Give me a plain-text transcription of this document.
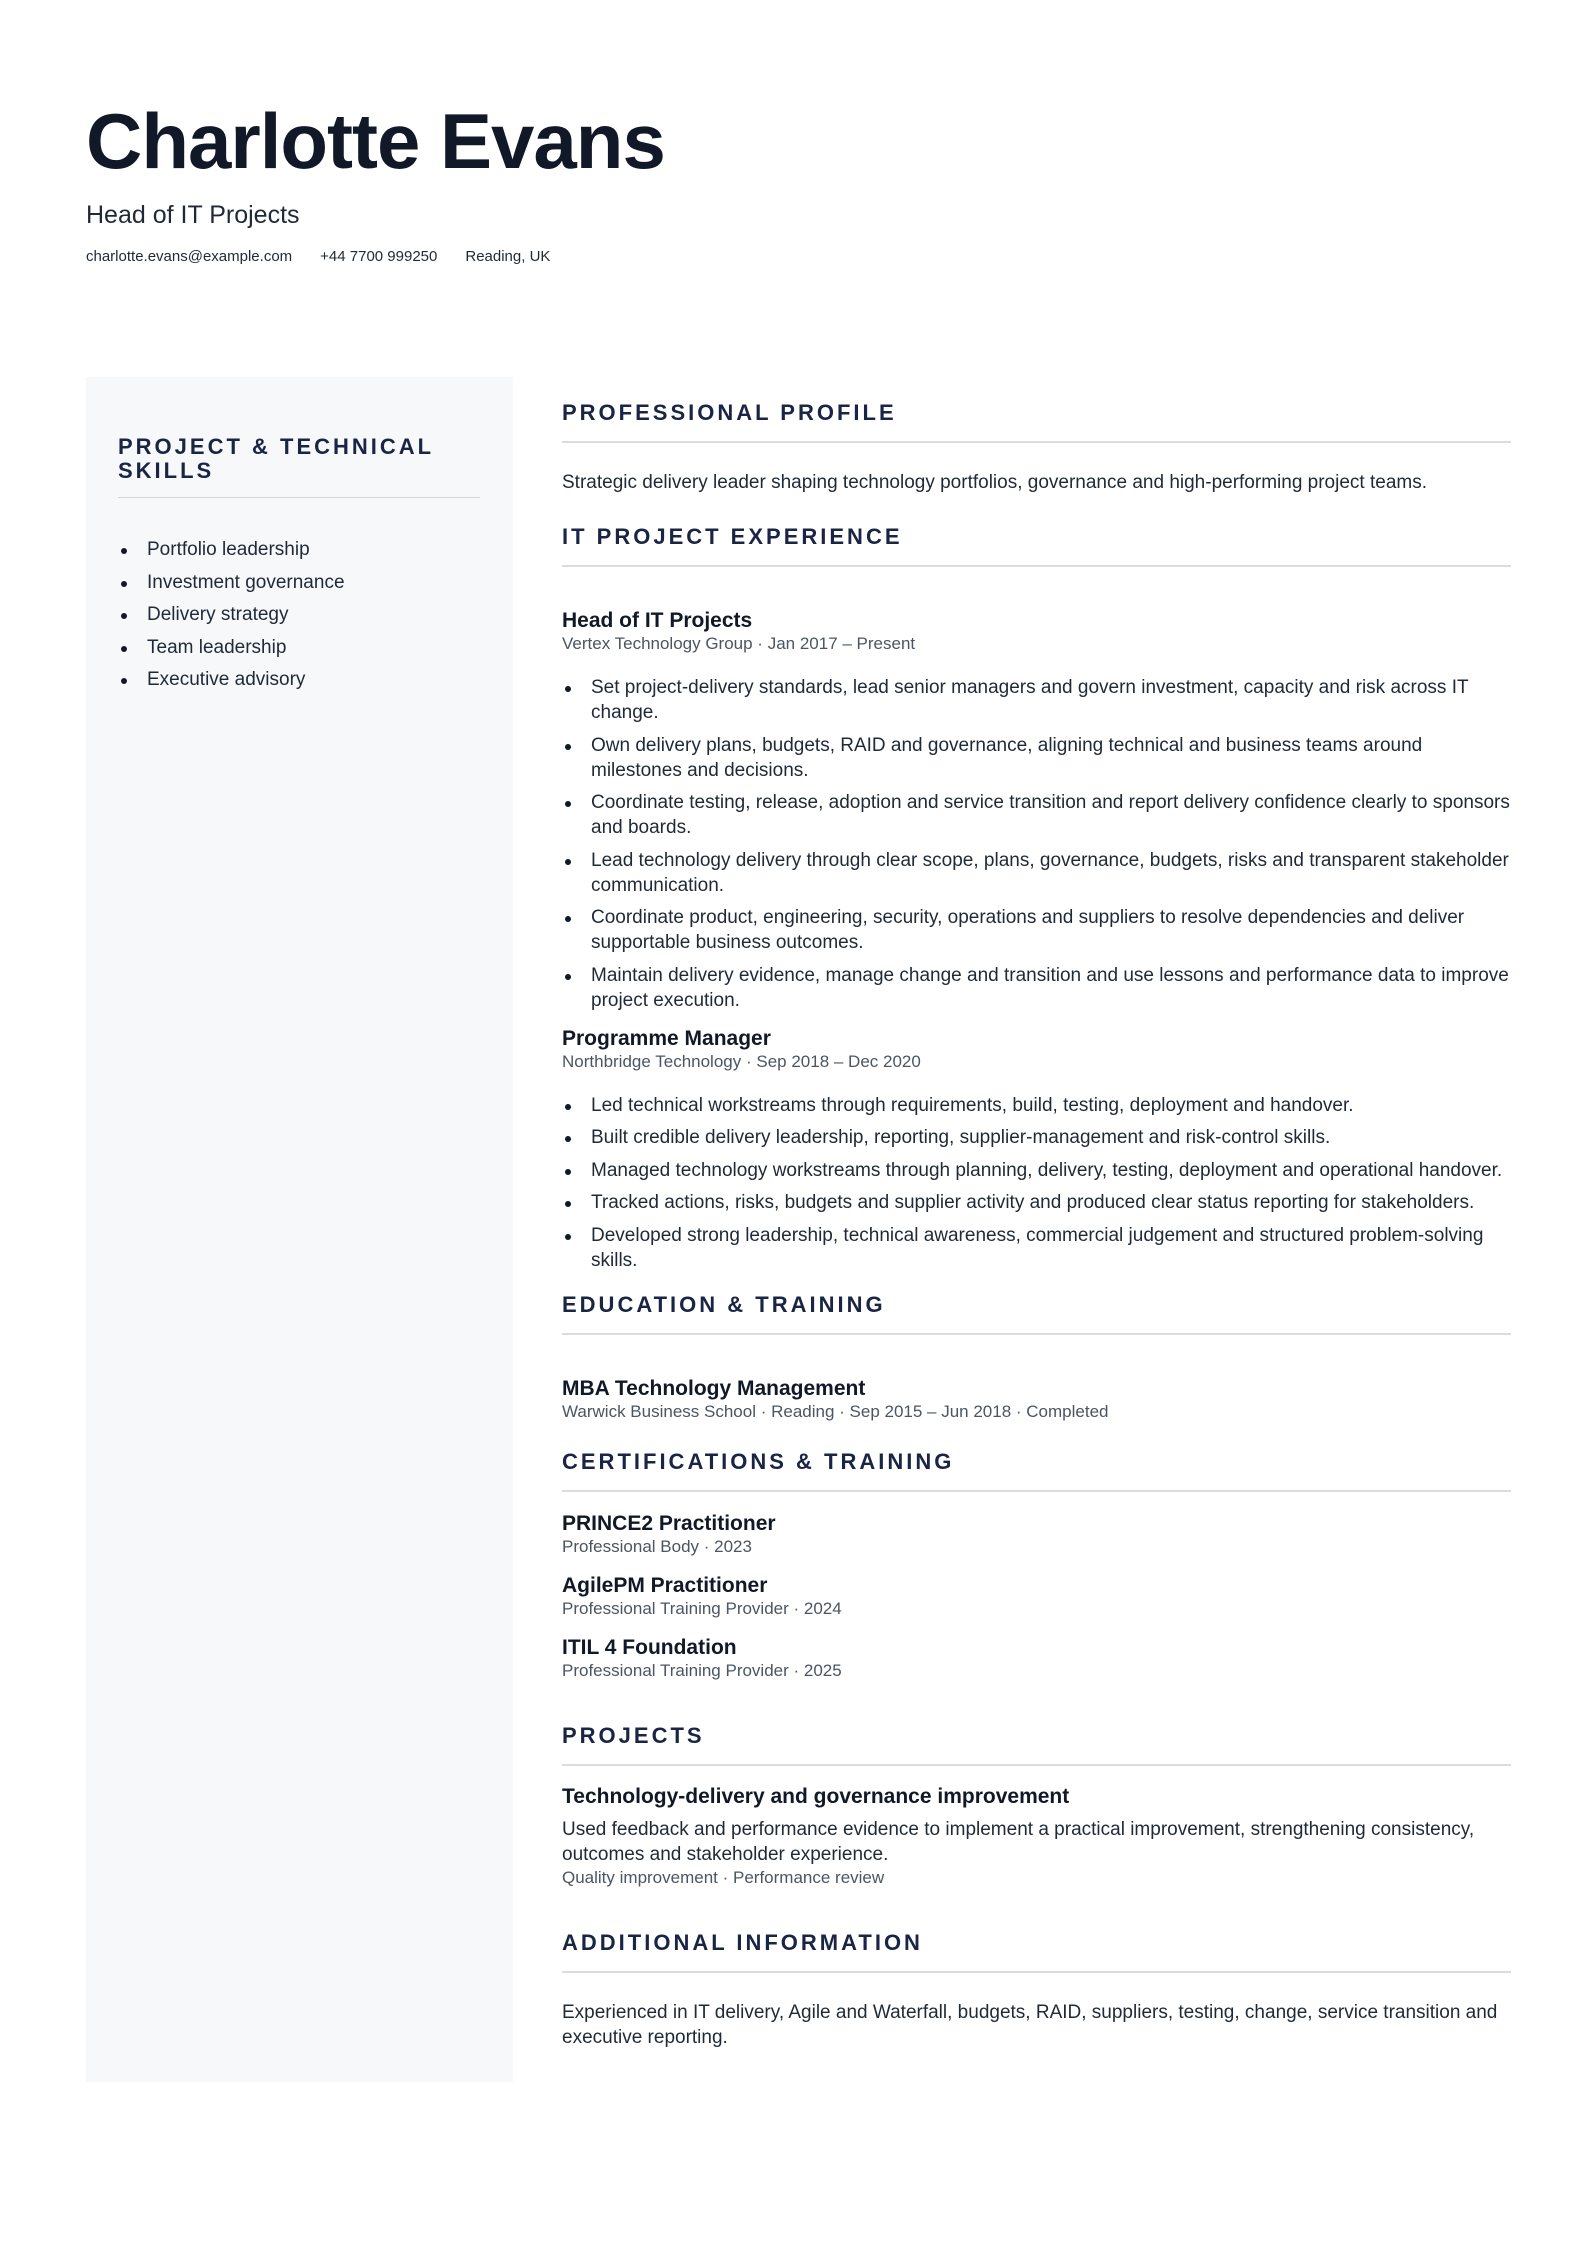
Charlotte Evans
Head of IT Projects
charlotte.evans@example.com +44 7700 999250 Reading, UK
PROJECT & TECHNICAL SKILLS
Portfolio leadership
Investment governance
Delivery strategy
Team leadership
Executive advisory
PROFESSIONAL PROFILE
Strategic delivery leader shaping technology portfolios, governance and high-performing project teams.
IT PROJECT EXPERIENCE
Head of IT Projects
Vertex Technology Group · Jan 2017 – Present
Set project-delivery standards, lead senior managers and govern investment, capacity and risk across IT change.
Own delivery plans, budgets, RAID and governance, aligning technical and business teams around milestones and decisions.
Coordinate testing, release, adoption and service transition and report delivery confidence clearly to sponsors and boards.
Lead technology delivery through clear scope, plans, governance, budgets, risks and transparent stakeholder communication.
Coordinate product, engineering, security, operations and suppliers to resolve dependencies and deliver supportable business outcomes.
Maintain delivery evidence, manage change and transition and use lessons and performance data to improve project execution.
Programme Manager
Northbridge Technology · Sep 2018 – Dec 2020
Led technical workstreams through requirements, build, testing, deployment and handover.
Built credible delivery leadership, reporting, supplier-management and risk-control skills.
Managed technology workstreams through planning, delivery, testing, deployment and operational handover.
Tracked actions, risks, budgets and supplier activity and produced clear status reporting for stakeholders.
Developed strong leadership, technical awareness, commercial judgement and structured problem-solving skills.
EDUCATION & TRAINING
MBA Technology Management
Warwick Business School · Reading · Sep 2015 – Jun 2018 · Completed
CERTIFICATIONS & TRAINING
PRINCE2 Practitioner
Professional Body · 2023
AgilePM Practitioner
Professional Training Provider · 2024
ITIL 4 Foundation
Professional Training Provider · 2025
PROJECTS
Technology-delivery and governance improvement
Used feedback and performance evidence to implement a practical improvement, strengthening consistency, outcomes and stakeholder experience.
Quality improvement · Performance review
ADDITIONAL INFORMATION
Experienced in IT delivery, Agile and Waterfall, budgets, RAID, suppliers, testing, change, service transition and executive reporting.
